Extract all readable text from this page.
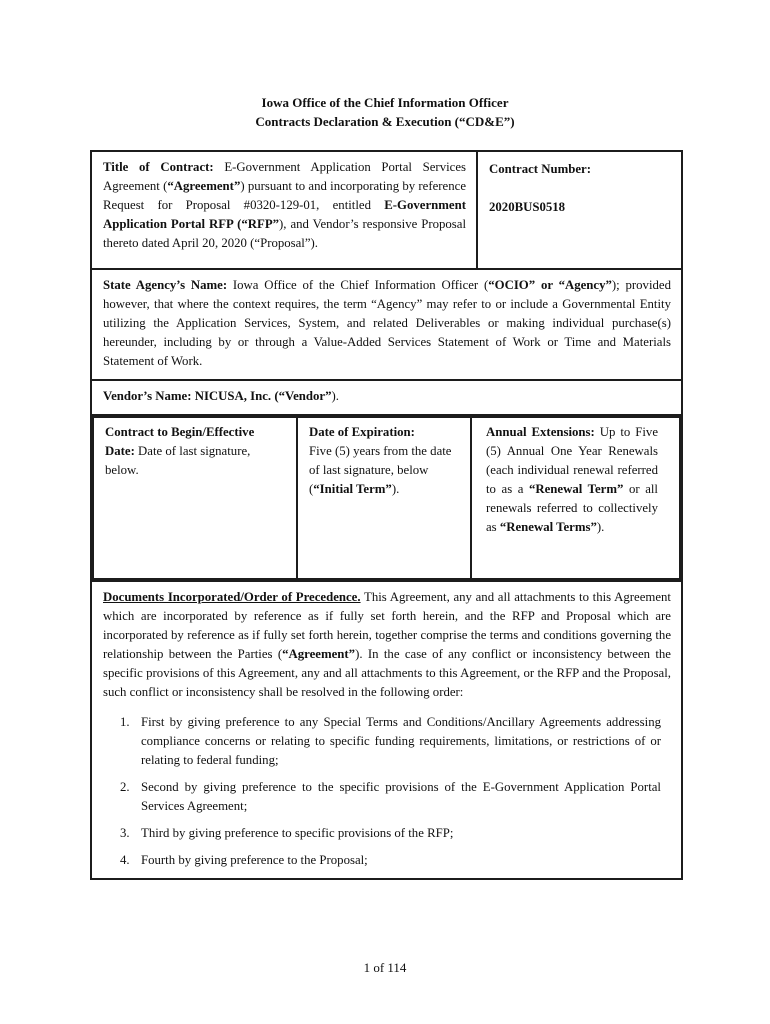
Iowa Office of the Chief Information Officer
Contracts Declaration & Execution (“CD&E”)
Title of Contract: E-Government Application Portal Services Agreement (“Agreement”) pursuant to and incorporating by reference Request for Proposal #0320-129-01, entitled E-Government Application Portal RFP (“RFP”), and Vendor’s responsive Proposal thereto dated April 20, 2020 (“Proposal”).	
Contract Number:
2020BUS0518

State Agency’s Name: Iowa Office of the Chief Information Officer (“OCIO” or “Agency”); provided however, that where the context requires, the term “Agency” may refer to or include a Governmental Entity utilizing the Application Services, System, and related Deliverables or making individual purchase(s) hereunder, including by or through a Value-Added Services Statement of Work or Time and Materials Statement of Work.
Vendor’s Name: NICUSA, Inc. (“Vendor”).

Contract to Begin/Effective
Date: Date of last signature, below.

Date of Expiration:
Five (5) years from the date of last signature, below (“Initial Term”).
	Annual Extensions: Up to Five (5) Annual One Year Renewals (each individual renewal referred to as a “Renewal Term” or all renewals referred to collectively as “Renewal Terms”).

Documents Incorporated/Order of Precedence. This Agreement, any and all attachments to this Agreement which are incorporated by reference as if fully set forth herein, and the RFP and Proposal which are incorporated by reference as if fully set forth herein, together comprise the terms and conditions governing the relationship between the Parties (“Agreement”). In the case of any conflict or inconsistency between the specific provisions of this Agreement, any and all attachments to this Agreement, or the RFP and the Proposal, such conflict or inconsistency shall be resolved in the following order:
1. First by giving preference to any Special Terms and Conditions/Ancillary Agreements addressing compliance concerns or relating to specific funding requirements, limitations, or restrictions of or relating to federal funding;
2. Second by giving preference to the specific provisions of the E-Government Application Portal Services Agreement;
3. Third by giving preference to specific provisions of the RFP;
4. Fourth by giving preference to the Proposal;
1 of 114
